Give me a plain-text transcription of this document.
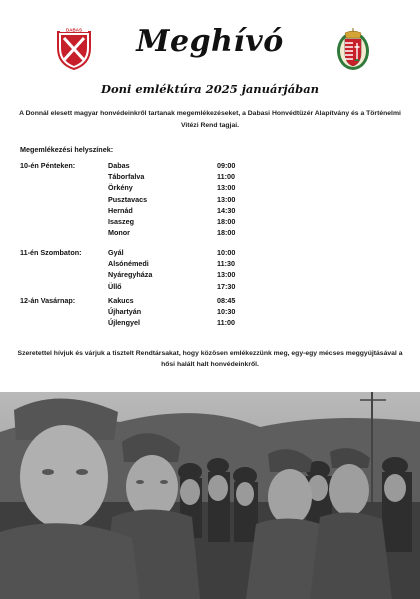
DABAS	Meghívó
Doni emléktúra 2025 januárjában
A Donnál elesett magyar honvédeinkről tartanak megemlékezéseket, a Dabasi Honvédtüzér Alapítvány és a Történelmi Vitézi Rend tagjai.
Megemlékezési helyszínek:
10-én Pénteken:	Dabas	09:00
Táborfalva	11:00
Örkény	13:00
Pusztavacs	13:00
Hernád	14:30
Isaszeg	18:00
Monor	18:00
11-én Szombaton:	Gyál	10:00
Alsónémedi	11:30
Nyáregyháza	13:00
Üllő	17:30
12-án Vasárnap:	Kakucs	08:45
Újhartyán	10:30
Újlengyel	11:00
Szeretettel hívjuk és várjuk a tisztelt Rendtársakat, hogy közösen emlékezzünk meg, egy-egy mécses meggyújtásával a hősi halált halt honvédeinkről.
